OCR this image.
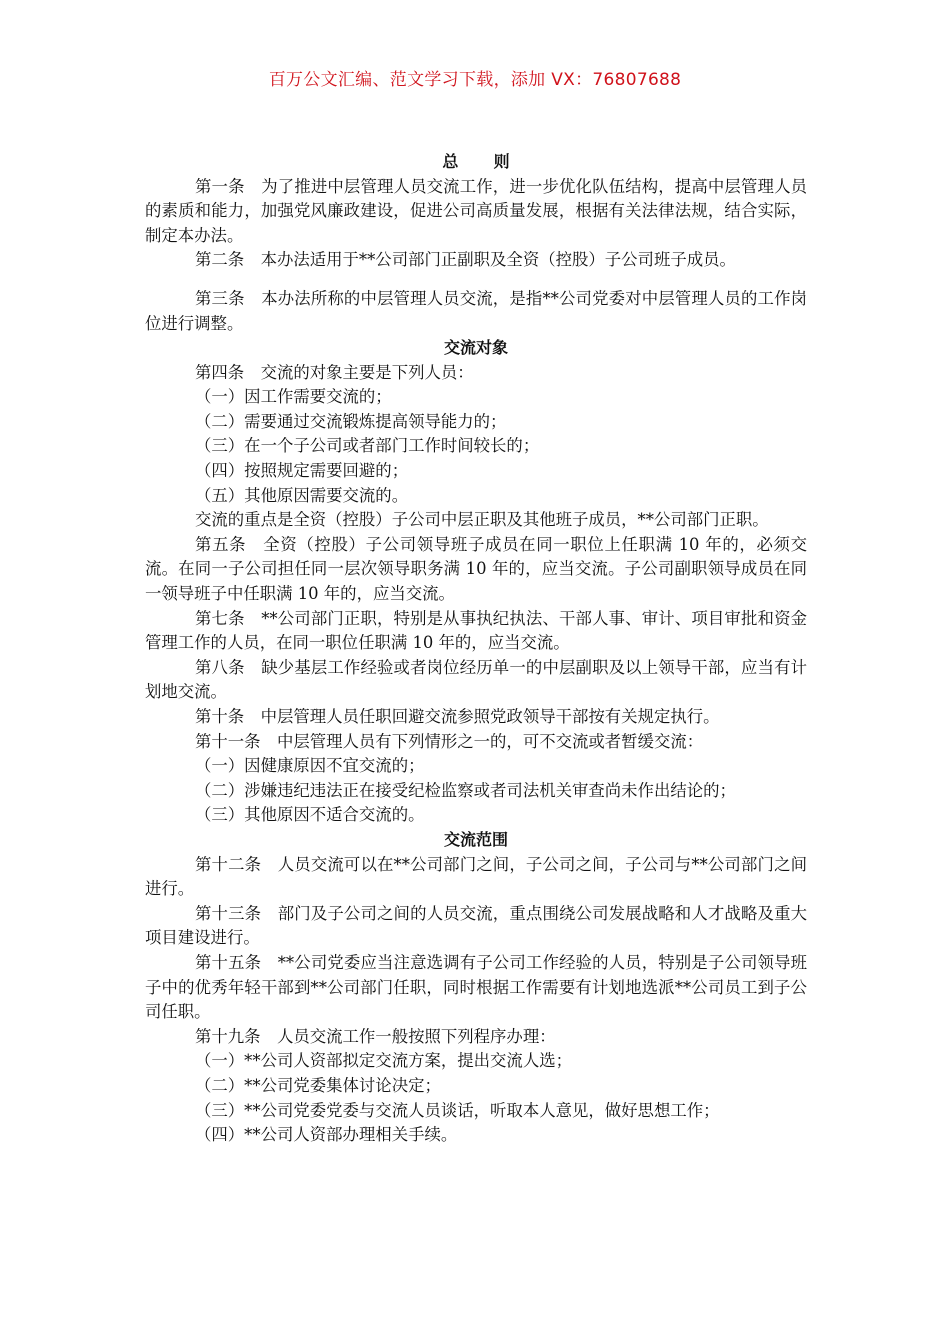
百万公文汇编、范文学习下载，添加 VX：76807688
总则

第一条　为了推进中层管理人员交流工作，进一步优化队伍结构，提高中层管理人员的素质和能力，加强党风廉政建设，促进公司高质量发展，根据有关法律法规，结合实际，制定本办法。

第二条　本办法适用于**公司部门正副职及全资（控股）子公司班子成员。

第三条　本办法所称的中层管理人员交流，是指**公司党委对中层管理人员的工作岗位进行调整。

交流对象

第四条　交流的对象主要是下列人员：

（一）因工作需要交流的；

（二）需要通过交流锻炼提高领导能力的；

（三）在一个子公司或者部门工作时间较长的；

（四）按照规定需要回避的；

（五）其他原因需要交流的。

交流的重点是全资（控股）子公司中层正职及其他班子成员，**公司部门正职。

第五条　全资（控股）子公司领导班子成员在同一职位上任职满 10 年的，必须交流。在同一子公司担任同一层次领导职务满 10 年的，应当交流。子公司副职领导成员在同一领导班子中任职满 10 年的，应当交流。

第七条　**公司部门正职，特别是从事执纪执法、干部人事、审计、项目审批和资金管理工作的人员，在同一职位任职满 10 年的，应当交流。

第八条　缺少基层工作经验或者岗位经历单一的中层副职及以上领导干部，应当有计划地交流。

第十条　中层管理人员任职回避交流参照党政领导干部按有关规定执行。

第十一条　中层管理人员有下列情形之一的，可不交流或者暂缓交流：

（一）因健康原因不宜交流的；

（二）涉嫌违纪违法正在接受纪检监察或者司法机关审查尚未作出结论的；

（三）其他原因不适合交流的。

交流范围

第十二条　人员交流可以在**公司部门之间，子公司之间，子公司与**公司部门之间进行。

第十三条　部门及子公司之间的人员交流，重点围绕公司发展战略和人才战略及重大项目建设进行。

第十五条　**公司党委应当注意选调有子公司工作经验的人员，特别是子公司领导班子中的优秀年轻干部到**公司部门任职，同时根据工作需要有计划地选派**公司员工到子公司任职。

第十九条　人员交流工作一般按照下列程序办理：

（一）**公司人资部拟定交流方案，提出交流人选；

（二）**公司党委集体讨论决定；

（三）**公司党委党委与交流人员谈话，听取本人意见，做好思想工作；

（四）**公司人资部办理相关手续。
